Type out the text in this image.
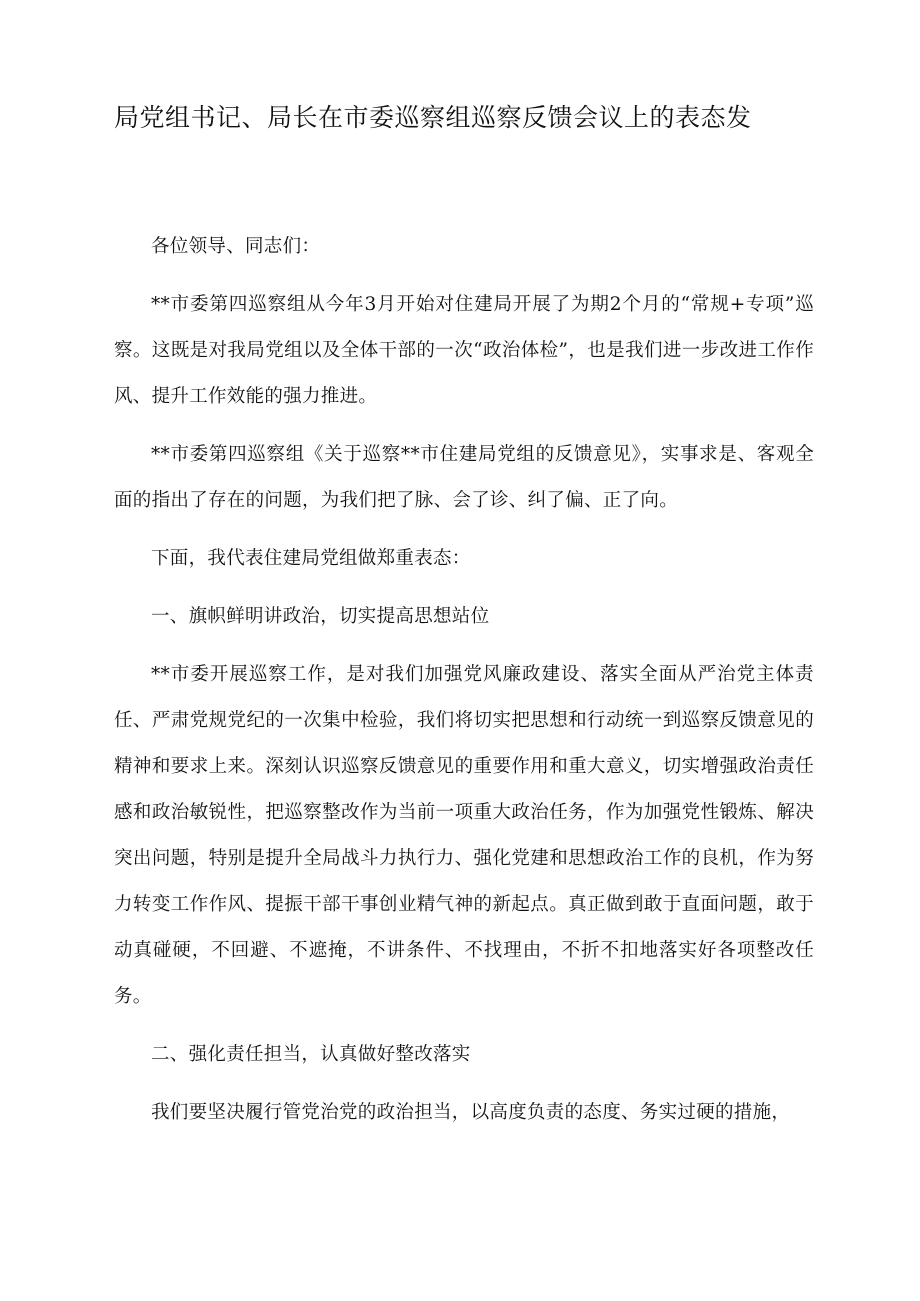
局党组书记、局长在市委巡察组巡察反馈会议上的表态发

各位领导、同志们：

**市委第四巡察组从今年3月开始对住建局开展了为期2个月的“常规+专项”巡察。这既是对我局党组以及全体干部的一次“政治体检”，也是我们进一步改进工作作风、提升工作效能的强力推进。

**市委第四巡察组《关于巡察**市住建局党组的反馈意见》，实事求是、客观全面的指出了存在的问题，为我们把了脉、会了诊、纠了偏、正了向。

下面，我代表住建局党组做郑重表态：

一、旗帜鲜明讲政治，切实提高思想站位

**市委开展巡察工作，是对我们加强党风廉政建设、落实全面从严治党主体责任、严肃党规党纪的一次集中检验，我们将切实把思想和行动统一到巡察反馈意见的精神和要求上来。深刻认识巡察反馈意见的重要作用和重大意义，切实增强政治责任感和政治敏锐性，把巡察整改作为当前一项重大政治任务，作为加强党性锻炼、解决突出问题，特别是提升全局战斗力执行力、强化党建和思想政治工作的良机，作为努力转变工作作风、提振干部干事创业精气神的新起点。真正做到敢于直面问题，敢于动真碰硬，不回避、不遮掩，不讲条件、不找理由，不折不扣地落实好各项整改任务。

二、强化责任担当，认真做好整改落实

我们要坚决履行管党治党的政治担当，以高度负责的态度、务实过硬的措施，
